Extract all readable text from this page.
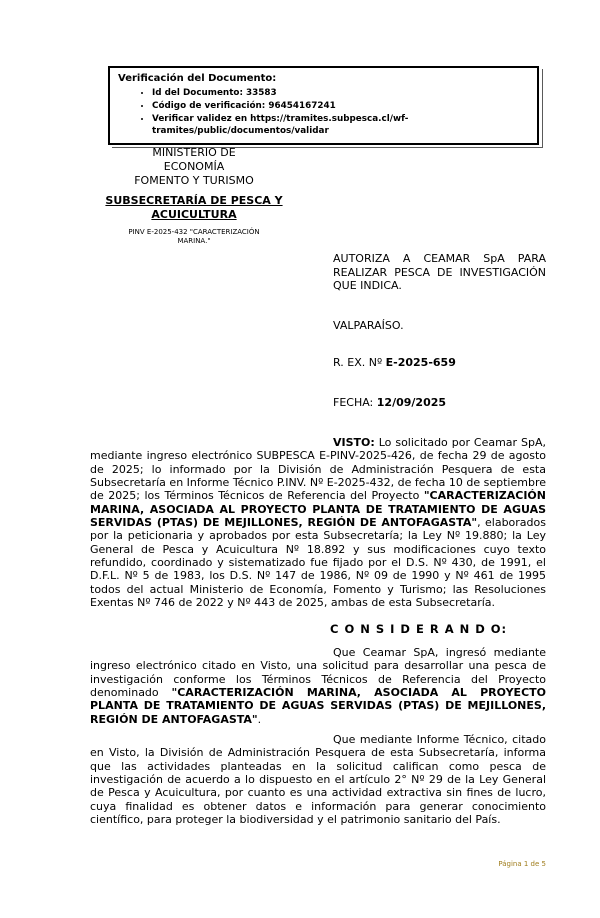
Verificación del Documento:
• Id del Documento: 33583
• Código de verificación: 96454167241
• Verificar validez en https://tramites.subpesca.cl/wf-tramites/public/documentos/validar
MINISTERIO DE
ECONOMÍA
FOMENTO Y TURISMO
SUBSECRETARÍA DE PESCA Y ACUICULTURA
PINV E-2025-432 "CARACTERIZACIÓN MARINA."
AUTORIZA A CEAMAR SpA PARA REALIZAR PESCA DE INVESTIGACIÓN QUE INDICA.
VALPARAÍSO.
R. EX. Nº E-2025-659
FECHA: 12/09/2025

VISTO: Lo solicitado por Ceamar SpA, mediante ingreso electrónico SUBPESCA E-PINV-2025-426, de fecha 29 de agosto de 2025; lo informado por la División de Administración Pesquera de esta Subsecretaría en Informe Técnico P.INV. Nº E-2025-432, de fecha 10 de septiembre de 2025; los Términos Técnicos de Referencia del Proyecto "CARACTERIZACIÓN MARINA, ASOCIADA AL PROYECTO PLANTA DE TRATAMIENTO DE AGUAS SERVIDAS (PTAS) DE MEJILLONES, REGIÓN DE ANTOFAGASTA", elaborados por la peticionaria y aprobados por esta Subsecretaría; la Ley Nº 19.880; la Ley General de Pesca y Acuicultura Nº 18.892 y sus modificaciones cuyo texto refundido, coordinado y sistematizado fue fijado por el D.S. Nº 430, de 1991, el D.F.L. Nº 5 de 1983, los D.S. Nº 147 de 1986, Nº 09 de 1990 y Nº 461 de 1995 todos del actual Ministerio de Economía, Fomento y Turismo; las Resoluciones Exentas Nº 746 de 2022 y Nº 443 de 2025, ambas de esta Subsecretaría.

C O N S I D E R A N D O:

Que Ceamar SpA, ingresó mediante ingreso electrónico citado en Visto, una solicitud para desarrollar una pesca de investigación conforme los Términos Técnicos de Referencia del Proyecto denominado "CARACTERIZACIÓN MARINA, ASOCIADA AL PROYECTO PLANTA DE TRATAMIENTO DE AGUAS SERVIDAS (PTAS) DE MEJILLONES, REGIÓN DE ANTOFAGASTA".

Que mediante Informe Técnico, citado en Visto, la División de Administración Pesquera de esta Subsecretaría, informa que las actividades planteadas en la solicitud califican como pesca de investigación de acuerdo a lo dispuesto en el artículo 2° Nº 29 de la Ley General de Pesca y Acuicultura, por cuanto es una actividad extractiva sin fines de lucro, cuya finalidad es obtener datos e información para generar conocimiento científico, para proteger la biodiversidad y el patrimonio sanitario del País.

Página 1 de 5
